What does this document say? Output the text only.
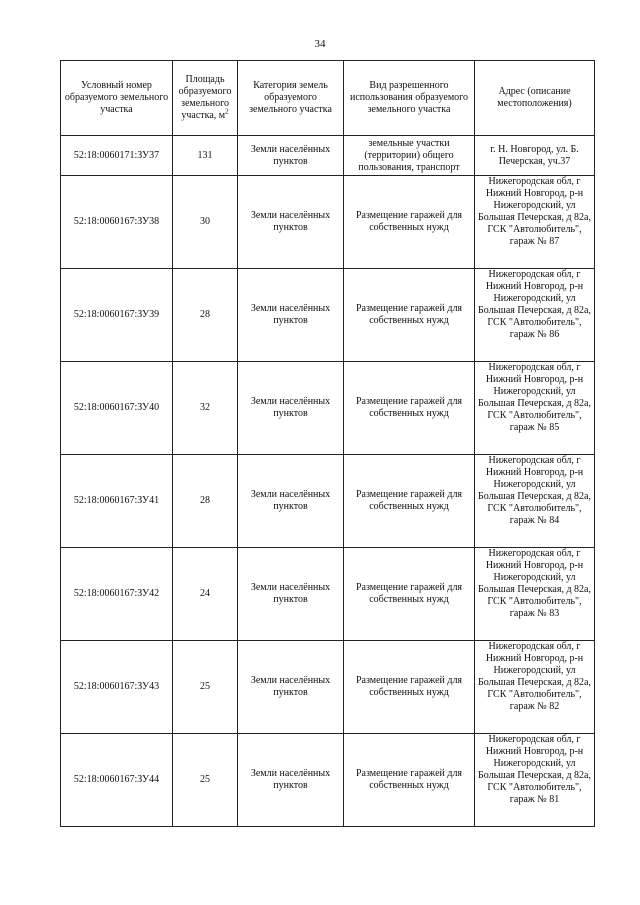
34
Условный номер образуемого земельного участка	Площадь образуемого земельного участка, $м^2$	Категория земель образуемого земельного участка	Вид разрешенного использования образуемого земельного участка	Адрес (описание местоположения)
52:18:0060171:ЗУ37	131	Земли населённых пунктов	земельные участки (территории) общего пользования, транспорт	г. Н. Новгород, ул. Б. Печерская, уч.37
52:18:0060167:ЗУ38	30	Земли населённых пунктов	Размещение гаражей для собственных нужд	Нижегородская обл, г Нижний Новгород, р-н Нижегородский, ул Большая Печерская, д 82а, ГСК "Автолюбитель", гараж № 87
52:18:0060167:ЗУ39	28	Земли населённых пунктов	Размещение гаражей для собственных нужд	Нижегородская обл, г Нижний Новгород, р-н Нижегородский, ул Большая Печерская, д 82а, ГСК "Автолюбитель", гараж № 86
52:18:0060167:ЗУ40	32	Земли населённых пунктов	Размещение гаражей для собственных нужд	Нижегородская обл, г Нижний Новгород, р-н Нижегородский, ул Большая Печерская, д 82а, ГСК "Автолюбитель", гараж № 85
52:18:0060167:ЗУ41	28	Земли населённых пунктов	Размещение гаражей для собственных нужд	Нижегородская обл, г Нижний Новгород, р-н Нижегородский, ул Большая Печерская, д 82а, ГСК "Автолюбитель", гараж № 84
52:18:0060167:ЗУ42	24	Земли населённых пунктов	Размещение гаражей для собственных нужд	Нижегородская обл, г Нижний Новгород, р-н Нижегородский, ул Большая Печерская, д 82а, ГСК "Автолюбитель", гараж № 83
52:18:0060167:ЗУ43	25	Земли населённых пунктов	Размещение гаражей для собственных нужд	Нижегородская обл, г Нижний Новгород, р-н Нижегородский, ул Большая Печерская, д 82а, ГСК "Автолюбитель", гараж № 82
52:18:0060167:ЗУ44	25	Земли населённых пунктов	Размещение гаражей для собственных нужд	Нижегородская обл, г Нижний Новгород, р-н Нижегородский, ул Большая Печерская, д 82а, ГСК "Автолюбитель", гараж № 81
